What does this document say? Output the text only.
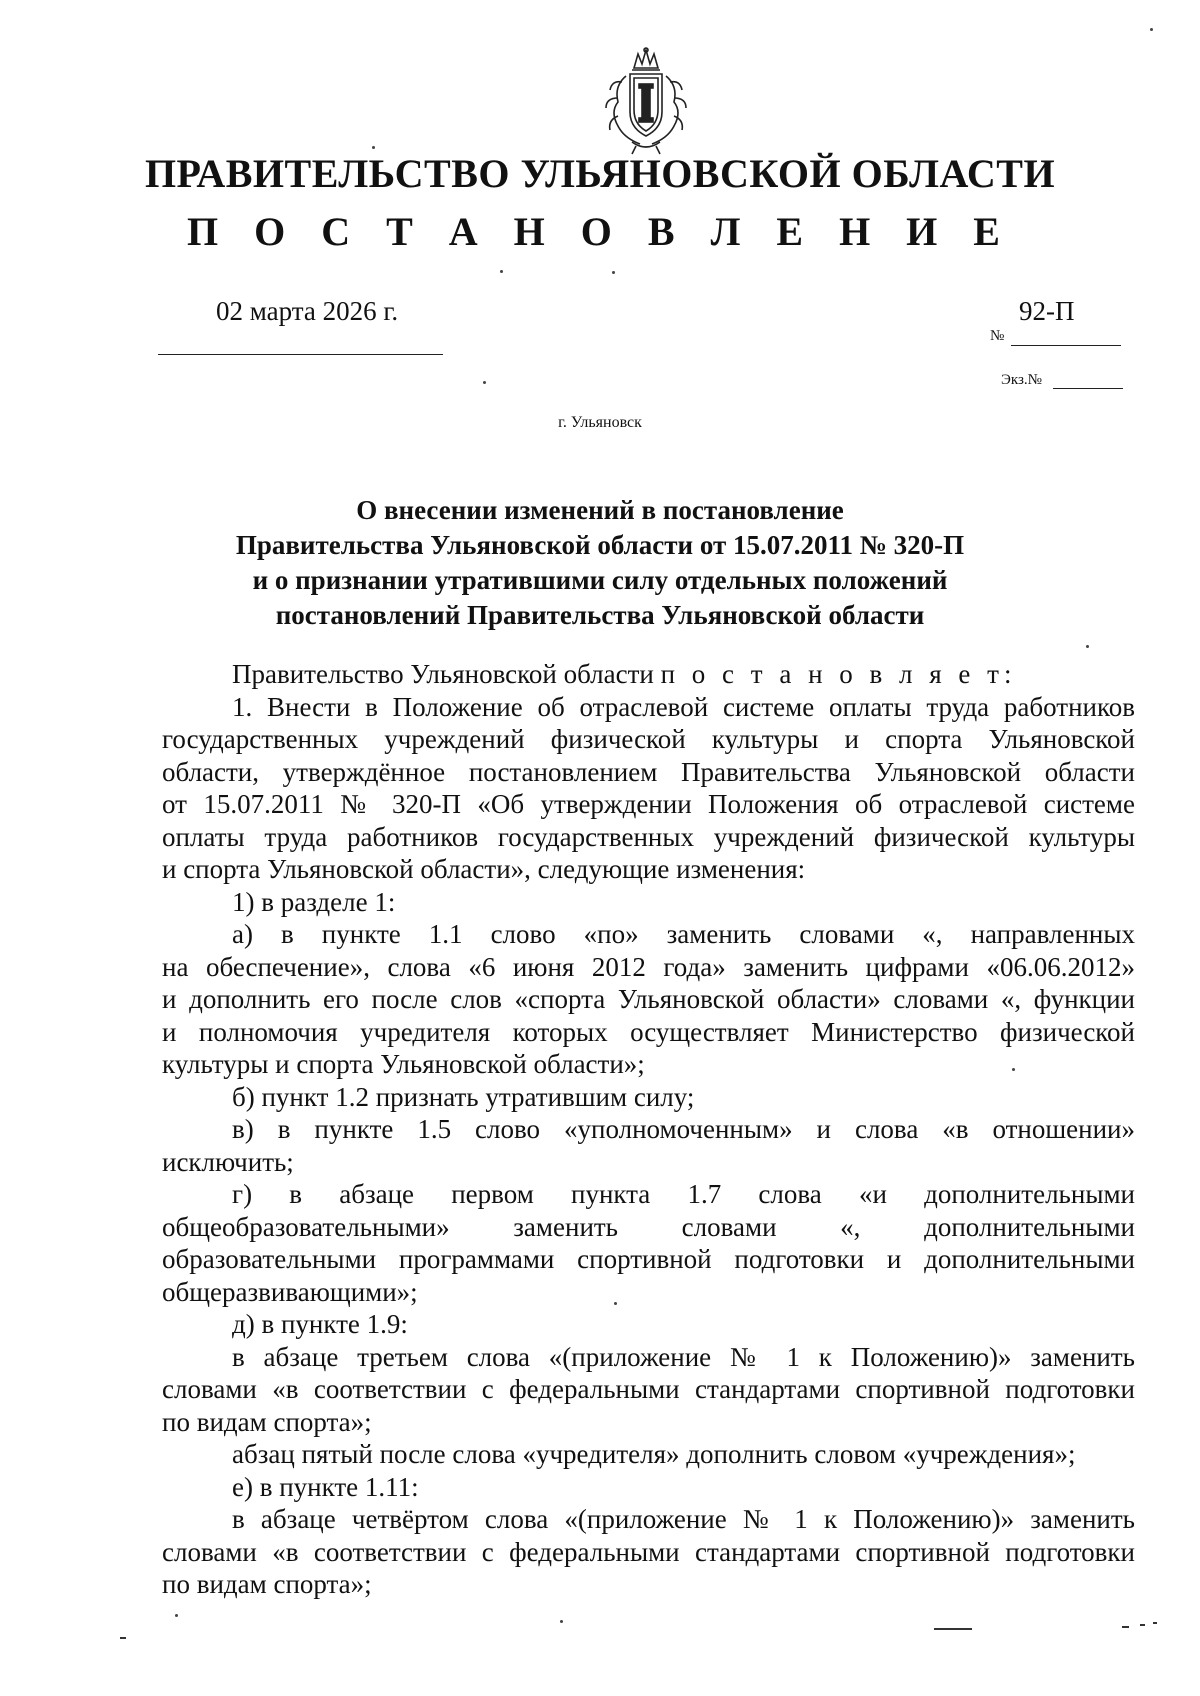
ПРАВИТЕЛЬСТВО УЛЬЯНОВСКОЙ ОБЛАСТИ
П О С Т А Н О В Л Е Н И Е
02 марта 2026 г.	92-П
№
Экз.№
г. Ульяновск
О внесении изменений в постановление
Правительства Ульяновской области от 15.07.2011 № 320-П
и о признании утратившими силу отдельных положений
постановлений Правительства Ульяновской области
Правительство Ульяновской области п о с т а н о в л я е т:
1. Внести в Положение об отраслевой системе оплаты труда работников
государственных учреждений физической культуры и спорта Ульяновской
области, утверждённое постановлением Правительства Ульяновской области
от 15.07.2011 № 320-П «Об утверждении Положения об отраслевой системе
оплаты труда работников государственных учреждений физической культуры
и спорта Ульяновской области», следующие изменения:
1) в разделе 1:
а) в пункте 1.1 слово «по» заменить словами «, направленных
на обеспечение», слова «6 июня 2012 года» заменить цифрами «06.06.2012»
и дополнить его после слов «спорта Ульяновской области» словами «, функции
и полномочия учредителя которых осуществляет Министерство физической
культуры и спорта Ульяновской области»;
б) пункт 1.2 признать утратившим силу;
в) в пункте 1.5 слово «уполномоченным» и слова «в отношении»
исключить;
г) в абзаце первом пункта 1.7 слова «и дополнительными
общеобразовательными» заменить словами «, дополнительными
образовательными программами спортивной подготовки и дополнительными
общеразвивающими»;
д) в пункте 1.9:
в абзаце третьем слова «(приложение № 1 к Положению)» заменить
словами «в соответствии с федеральными стандартами спортивной подготовки
по видам спорта»;
абзац пятый после слова «учредителя» дополнить словом «учреждения»;
е) в пункте 1.11:
в абзаце четвёртом слова «(приложение № 1 к Положению)» заменить
словами «в соответствии с федеральными стандартами спортивной подготовки
по видам спорта»;
